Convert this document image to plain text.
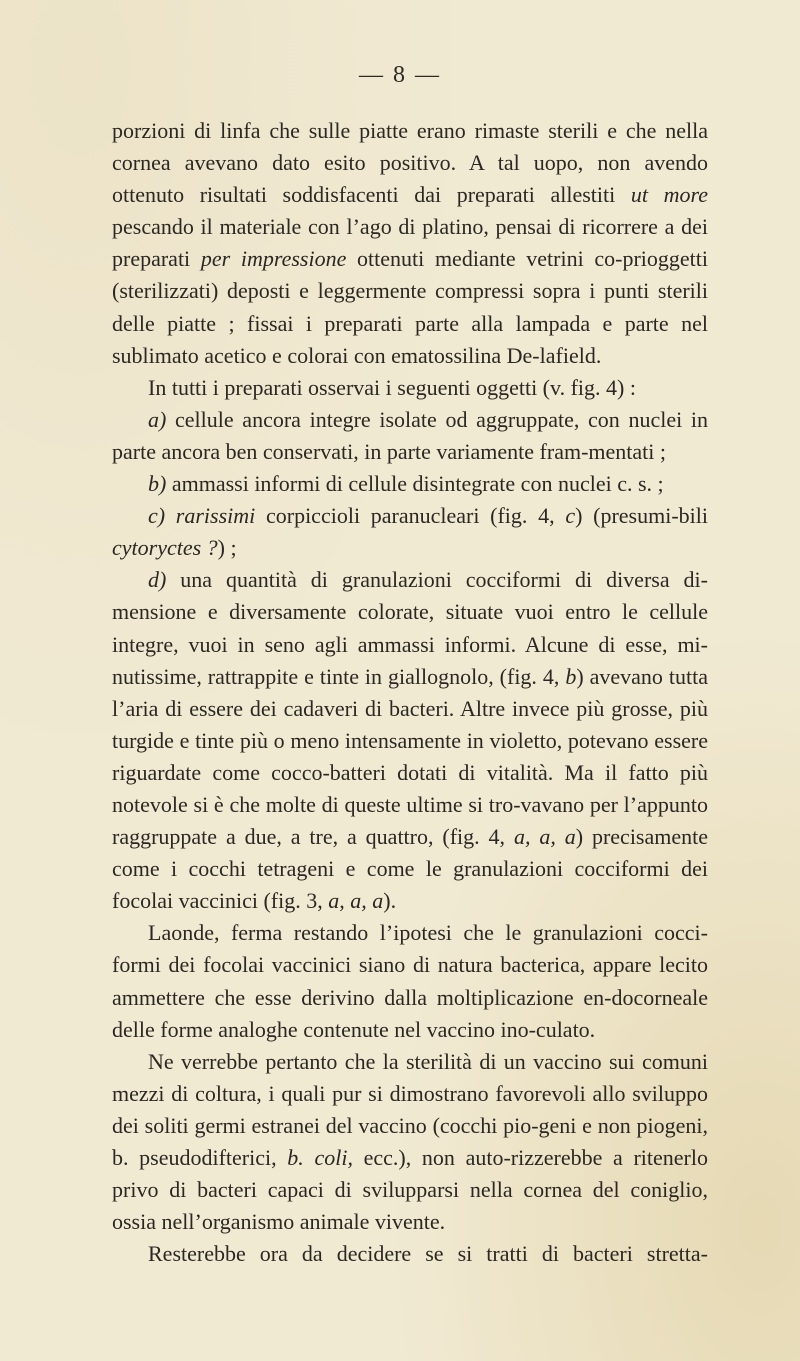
— 8 —

porzioni di linfa che sulle piatte erano rimaste sterili e che nella cornea avevano dato esito positivo. A tal uopo, non avendo ottenuto risultati soddisfacenti dai preparati allestiti ut more pescando il materiale con l’ago di platino, pensai di ricorrere a dei preparati per impressione ottenuti mediante vetrini co-prioggetti (sterilizzati) deposti e leggermente compressi sopra i punti sterili delle piatte ; fissai i preparati parte alla lampada e parte nel sublimato acetico e colorai con ematossilina De-lafield.

In tutti i preparati osservai i seguenti oggetti (v. fig. 4) :

a) cellule ancora integre isolate od aggruppate, con nuclei in parte ancora ben conservati, in parte variamente fram-mentati ;

b) ammassi informi di cellule disintegrate con nuclei c. s. ;

c) rarissimi corpiccioli paranucleari (fig. 4, c) (presumi-bili cytoryctes ?) ;

d) una quantità di granulazioni cocciformi di diversa di-mensione e diversamente colorate, situate vuoi entro le cellule integre, vuoi in seno agli ammassi informi. Alcune di esse, mi-nutissime, rattrappite e tinte in giallognolo, (fig. 4, b) avevano tutta l’aria di essere dei cadaveri di bacteri. Altre invece più grosse, più turgide e tinte più o meno intensamente in violetto, potevano essere riguardate come cocco-batteri dotati di vitalità. Ma il fatto più notevole si è che molte di queste ultime si tro-vavano per l’appunto raggruppate a due, a tre, a quattro, (fig. 4, a, a, a) precisamente come i cocchi tetrageni e come le granulazioni cocciformi dei focolai vaccinici (fig. 3, a, a, a).

Laonde, ferma restando l’ipotesi che le granulazioni cocci-formi dei focolai vaccinici siano di natura bacterica, appare lecito ammettere che esse derivino dalla moltiplicazione en-docorneale delle forme analoghe contenute nel vaccino ino-culato.

Ne verrebbe pertanto che la sterilità di un vaccino sui comuni mezzi di coltura, i quali pur si dimostrano favorevoli allo sviluppo dei soliti germi estranei del vaccino (cocchi pio-geni e non piogeni, b. pseudodifterici, b. coli, ecc.), non auto-rizzerebbe a ritenerlo privo di bacteri capaci di svilupparsi nella cornea del coniglio, ossia nell’organismo animale vivente.

Resterebbe ora da decidere se si tratti di bacteri stretta-
